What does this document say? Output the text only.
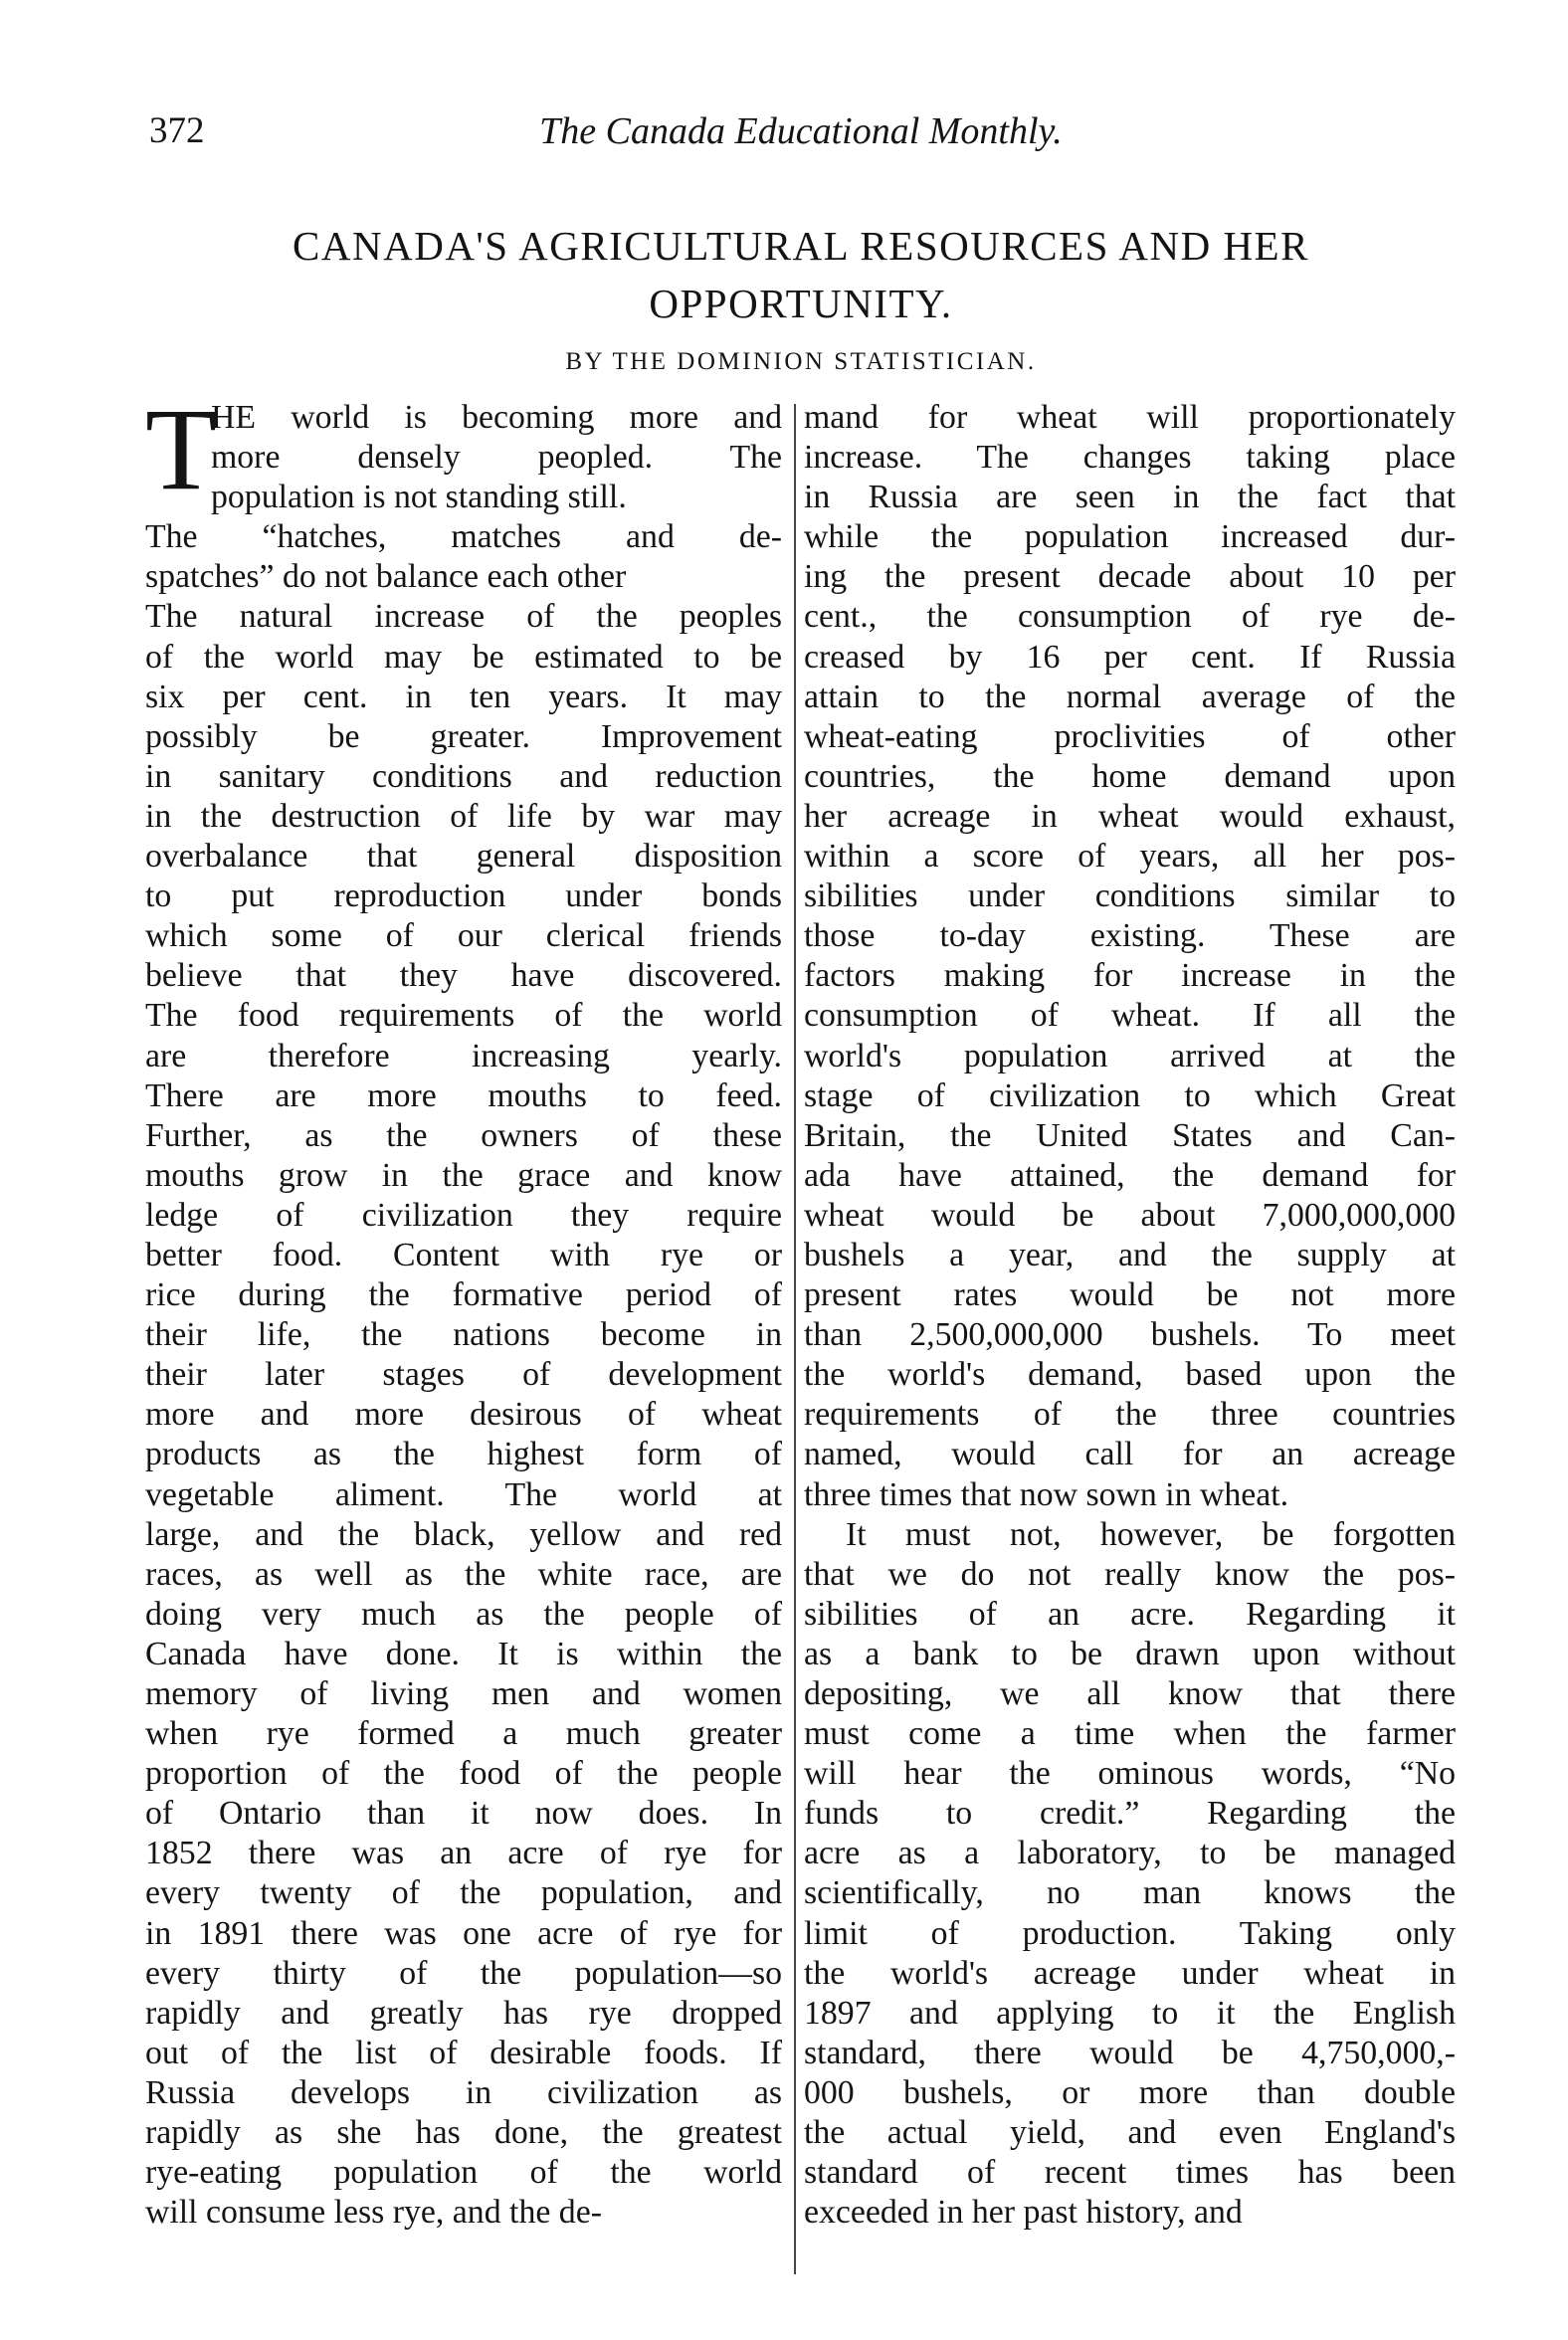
372	The Canada Educational Monthly.
CANADA'S AGRICULTURAL RESOURCES AND HER
OPPORTUNITY.
BY THE DOMINION STATISTICIAN.
T
HE world is becoming more and
more densely peopled. The
population is not standing still.
The “hatches, matches and de-
spatches” do not balance each other
The natural increase of the peoples
of the world may be estimated to be
six per cent. in ten years. It may
possibly be greater. Improvement
in sanitary conditions and reduction
in the destruction of life by war may
overbalance that general disposition
to put reproduction under bonds
which some of our clerical friends
believe that they have discovered.
The food requirements of the world
are therefore increasing yearly.
There are more mouths to feed.
Further, as the owners of these
mouths grow in the grace and know
ledge of civilization they require
better food. Content with rye or
rice during the formative period of
their life, the nations become in
their later stages of development
more and more desirous of wheat
products as the highest form of
vegetable aliment. The world at
large, and the black, yellow and red
races, as well as the white race, are
doing very much as the people of
Canada have done. It is within the
memory of living men and women
when rye formed a much greater
proportion of the food of the people
of Ontario than it now does. In
1852 there was an acre of rye for
every twenty of the population, and
in 1891 there was one acre of rye for
every thirty of the population—so
rapidly and greatly has rye dropped
out of the list of desirable foods. If
Russia develops in civilization as
rapidly as she has done, the greatest
rye-eating population of the world
will consume less rye, and the de-
mand for wheat will proportionately
increase. The changes taking place
in Russia are seen in the fact that
while the population increased dur-
ing the present decade about 10 per
cent., the consumption of rye de-
creased by 16 per cent. If Russia
attain to the normal average of the
wheat-eating proclivities of other
countries, the home demand upon
her acreage in wheat would exhaust,
within a score of years, all her pos-
sibilities under conditions similar to
those to-day existing. These are
factors making for increase in the
consumption of wheat. If all the
world's population arrived at the
stage of civilization to which Great
Britain, the United States and Can-
ada have attained, the demand for
wheat would be about 7,000,000,000
bushels a year, and the supply at
present rates would be not more
than 2,500,000,000 bushels. To meet
the world's demand, based upon the
requirements of the three countries
named, would call for an acreage
three times that now sown in wheat.
It must not, however, be forgotten
that we do not really know the pos-
sibilities of an acre. Regarding it
as a bank to be drawn upon without
depositing, we all know that there
must come a time when the farmer
will hear the ominous words, “No
funds to credit.” Regarding the
acre as a laboratory, to be managed
scientifically, no man knows the
limit of production. Taking only
the world's acreage under wheat in
1897 and applying to it the English
standard, there would be 4,750,000,-
000 bushels, or more than double
the actual yield, and even England's
standard of recent times has been
exceeded in her past history, and
